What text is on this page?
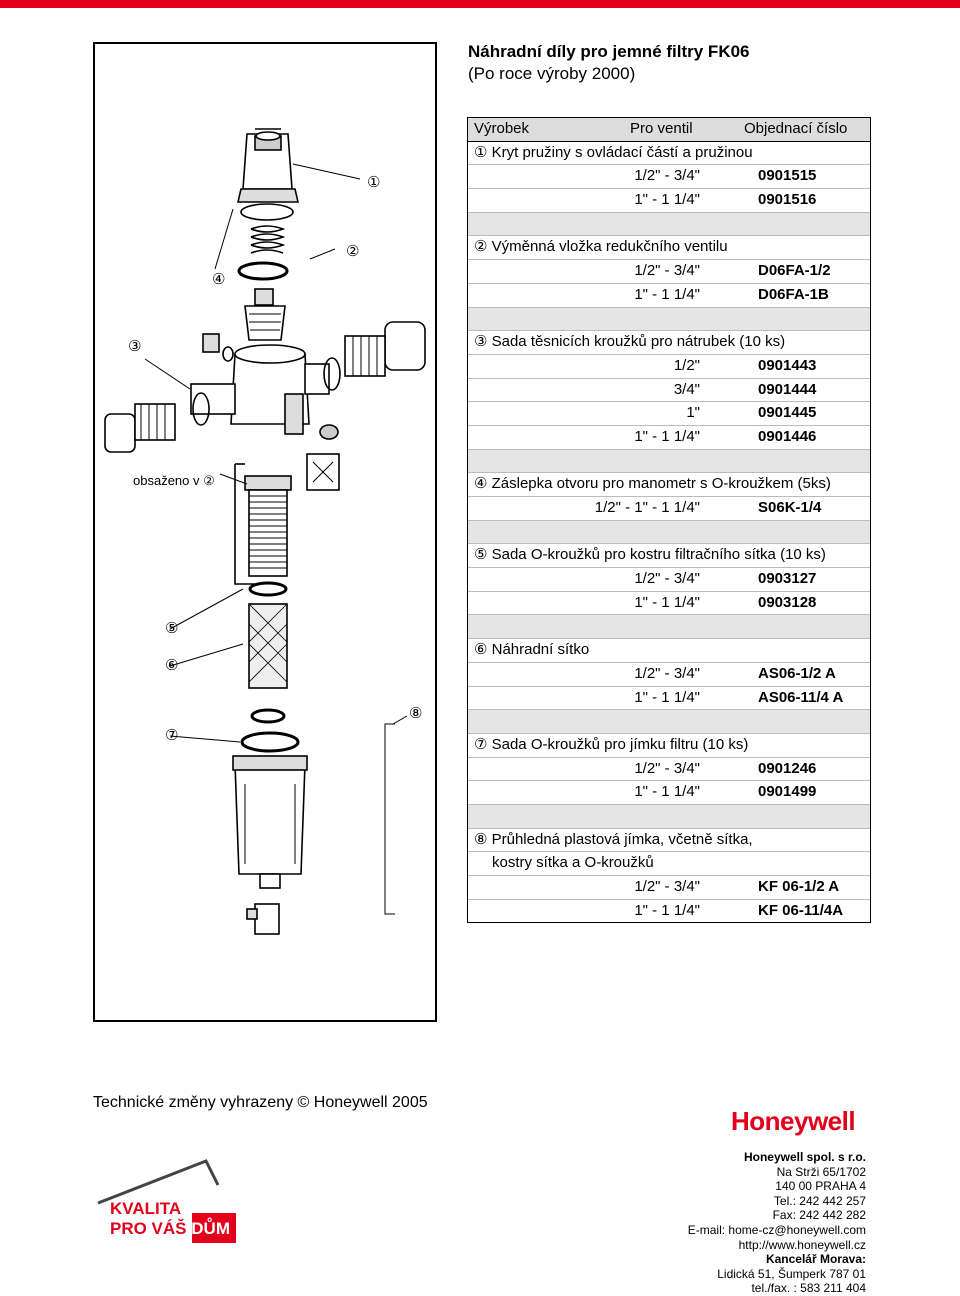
①
②
③
④
⑤
⑥
⑦
⑧
obsaženo v ②
Náhradní díly pro jemné filtry FK06
(Po roce výroby 2000)
Výrobek	Pro ventil	Objednací číslo
① Kryt pružiny s ovládací částí a pružinou
1/2" - 3/4"	0901515
1" - 1 1/4"	0901516
② Výměnná vložka redukčního ventilu
1/2" - 3/4"	D06FA-1/2
1" - 1 1/4"	D06FA-1B
③ Sada těsnicích kroužků pro nátrubek (10 ks)
1/2"	0901443
3/4"	0901444
1"	0901445
1" - 1 1/4"	0901446
④ Záslepka otvoru pro manometr s O-kroužkem (5ks)
1/2" - 1" - 1 1/4"	S06K-1/4
⑤ Sada O-kroužků pro kostru filtračního sítka (10 ks)
1/2" - 3/4"	0903127
1" - 1 1/4"	0903128
⑥ Náhradní sítko
1/2" - 3/4"	AS06-1/2 A
1" - 1 1/4"	AS06-11/4 A
⑦ Sada O-kroužků pro jímku filtru (10 ks)
1/2" - 3/4"	0901246
1" - 1 1/4"	0901499
⑧ Průhledná plastová jímka, včetně sítka,
kostry sítka a O-kroužků
1/2" - 3/4"	KF 06-1/2 A
1" - 1 1/4"	KF 06-11/4A
Technické změny vyhrazeny © Honeywell 2005
Honeywell
Honeywell spol. s r.o.
Na Strži 65/1702
140 00 PRAHA 4
Tel.: 242 442 257
Fax: 242 442 282
E-mail: home-cz@honeywell.com
http://www.honeywell.cz
Kancelář Morava:
Lidická 51, Šumperk 787 01
tel./fax. : 583 211 404
KVALITA
PRO VÁŠ DŮM
